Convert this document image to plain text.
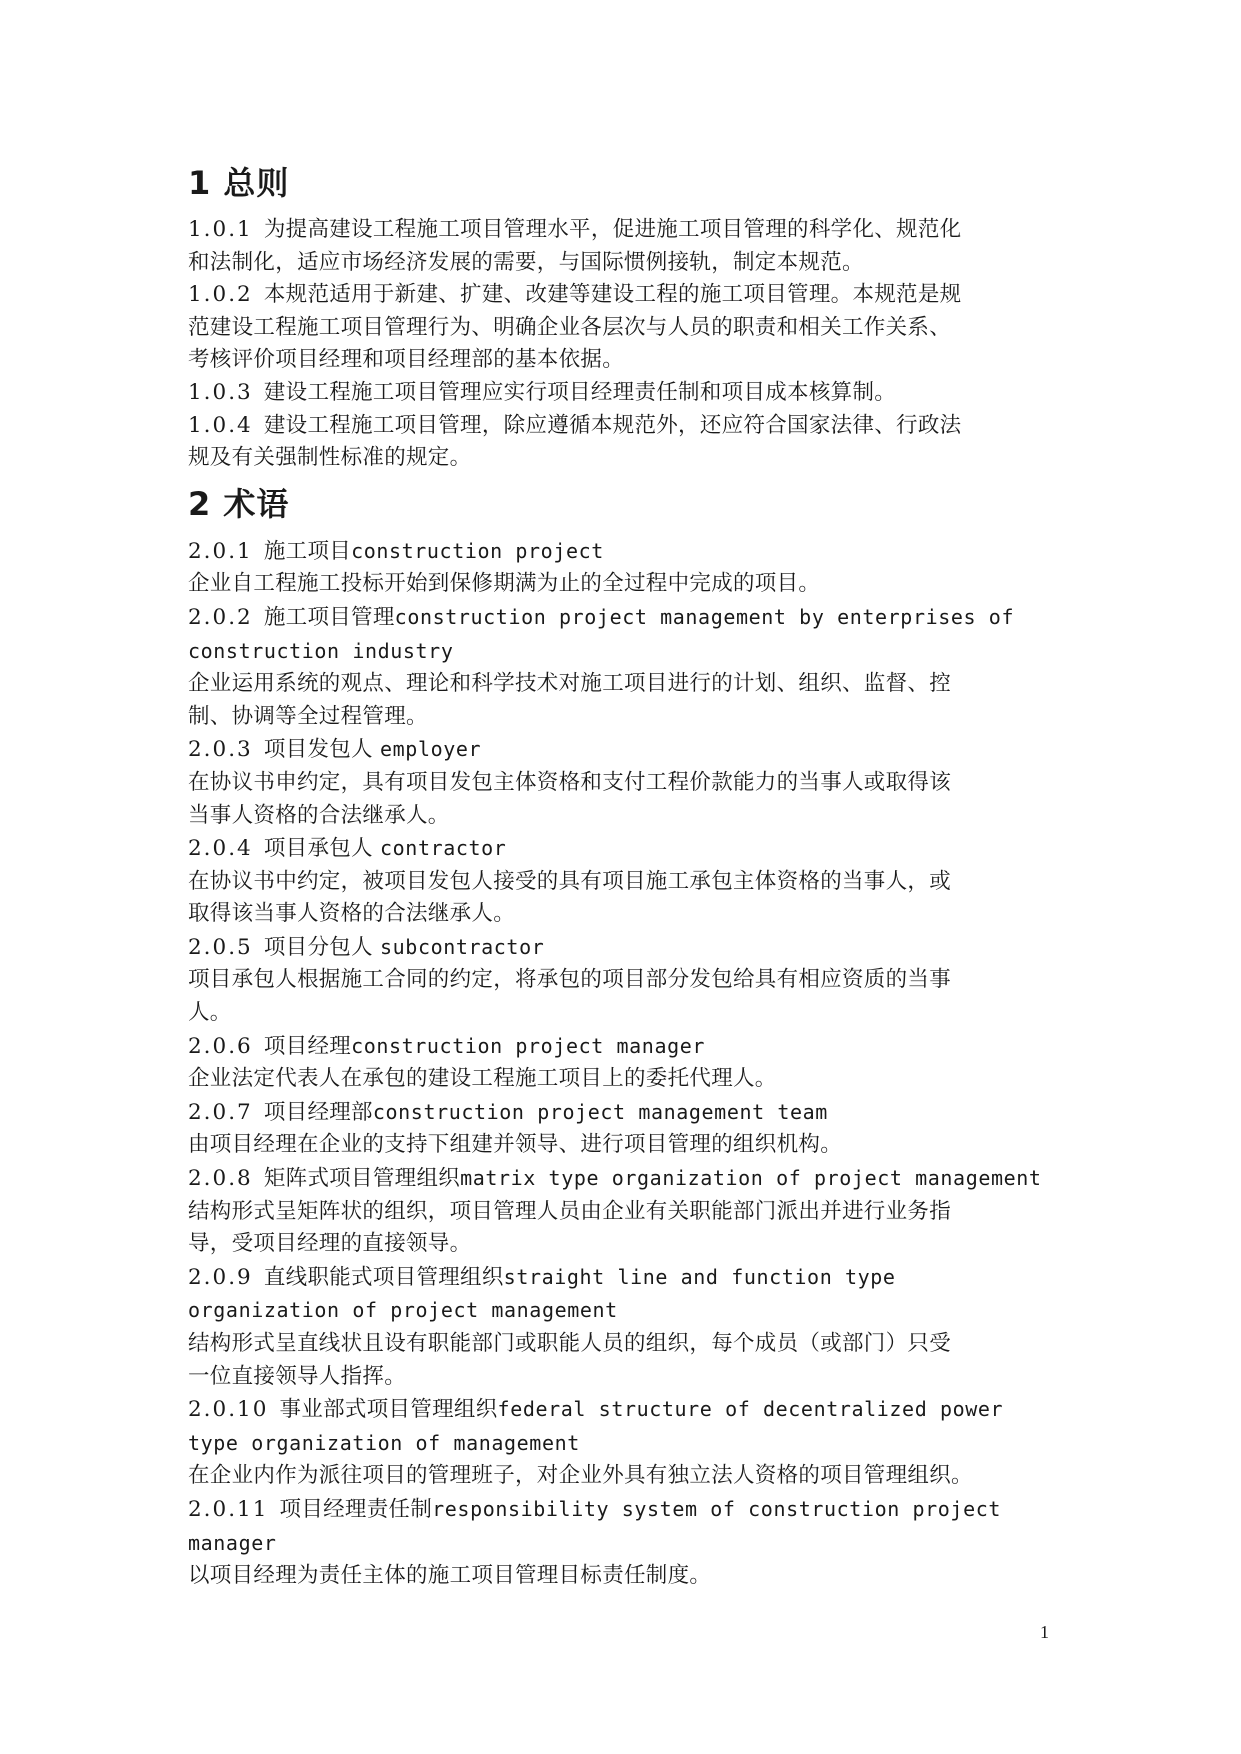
1 总则
1.0.1 为提高建设工程施工项目管理水平，促进施工项目管理的科学化、规范化
和法制化，适应市场经济发展的需要，与国际惯例接轨，制定本规范。
1.0.2 本规范适用于新建、扩建、改建等建设工程的施工项目管理。本规范是规
范建设工程施工项目管理行为、明确企业各层次与人员的职责和相关工作关系、
考核评价项目经理和项目经理部的基本依据。
1.0.3 建设工程施工项目管理应实行项目经理责任制和项目成本核算制。
1.0.4 建设工程施工项目管理，除应遵循本规范外，还应符合国家法律、行政法
规及有关强制性标准的规定。
2 术语
2.0.1 施工项目construction project
企业自工程施工投标开始到保修期满为止的全过程中完成的项目。
2.0.2 施工项目管理construction project management by enterprises of
construction industry
企业运用系统的观点、理论和科学技术对施工项目进行的计划、组织、监督、控
制、协调等全过程管理。
2.0.3 项目发包人 employer
在协议书申约定，具有项目发包主体资格和支付工程价款能力的当事人或取得该
当事人资格的合法继承人。
2.0.4 项目承包人 contractor
在协议书中约定，被项目发包人接受的具有项目施工承包主体资格的当事人，或
取得该当事人资格的合法继承人。
2.0.5 项目分包人 subcontractor
项目承包人根据施工合同的约定，将承包的项目部分发包给具有相应资质的当事
人。
2.0.6 项目经理construction project manager
企业法定代表人在承包的建设工程施工项目上的委托代理人。
2.0.7 项目经理部construction project management team
由项目经理在企业的支持下组建并领导、进行项目管理的组织机构。
2.0.8 矩阵式项目管理组织matrix type organization of project management
结构形式呈矩阵状的组织，项目管理人员由企业有关职能部门派出并进行业务指
导，受项目经理的直接领导。
2.0.9 直线职能式项目管理组织straight line and function type
organization of project management
结构形式呈直线状且设有职能部门或职能人员的组织，每个成员（或部门）只受
一位直接领导人指挥。
2.0.10 事业部式项目管理组织federal structure of decentralized power
type organization of management
在企业内作为派往项目的管理班子，对企业外具有独立法人资格的项目管理组织。
2.0.11 项目经理责任制responsibility system of construction project
manager
以项目经理为责任主体的施工项目管理目标责任制度。
1
